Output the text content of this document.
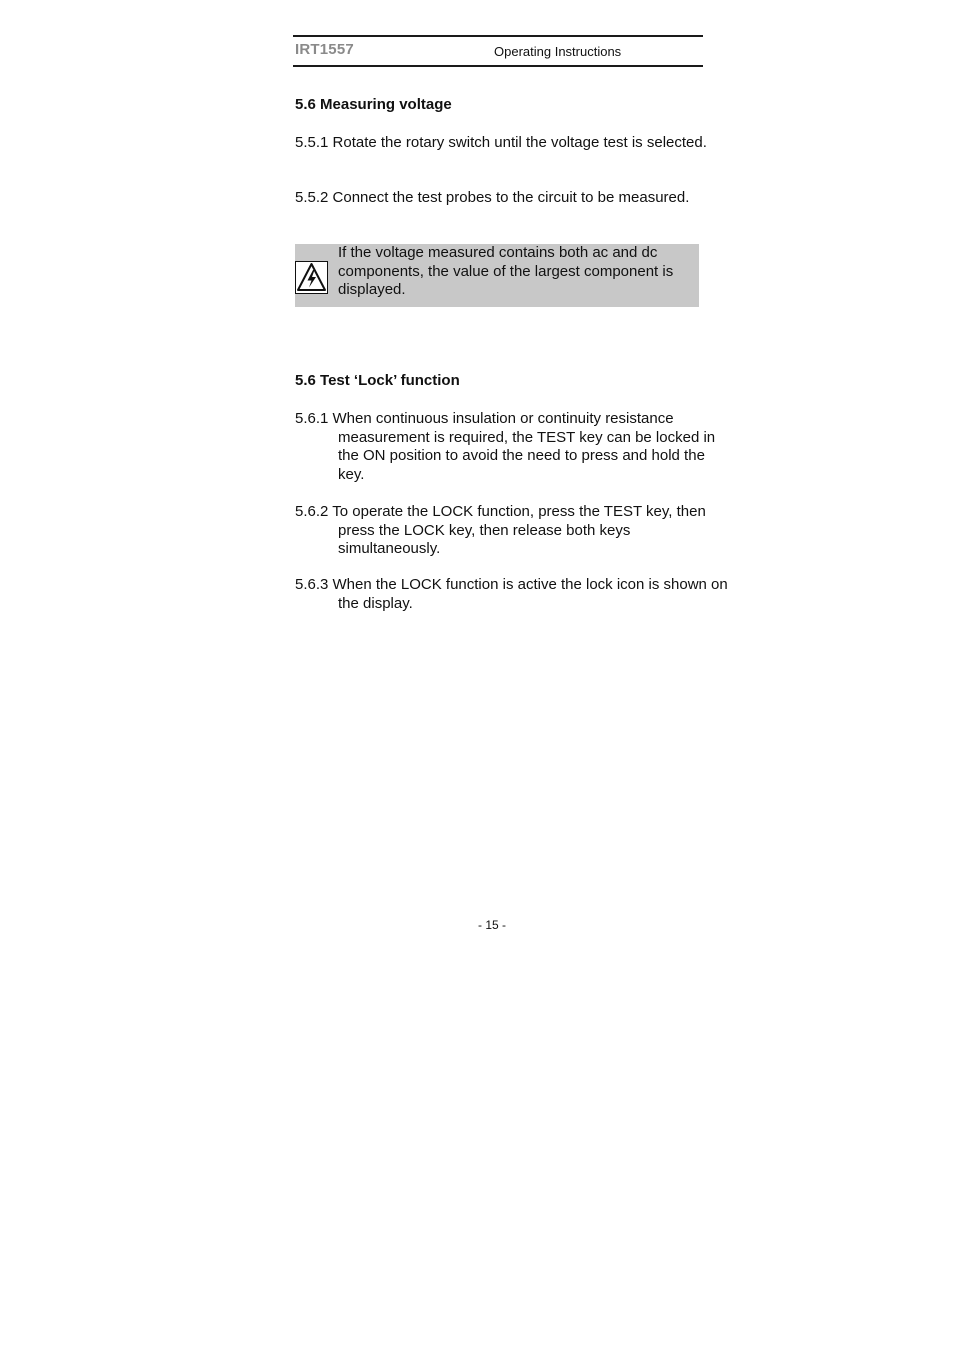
IRT1557	Operating Instructions
5.6 Measuring voltage
5.5.1 Rotate the rotary switch until the voltage test is selected.
5.5.2 Connect the test probes to the circuit to be measured.
If the voltage measured contains both ac and dc components, the value of the largest component is displayed.
5.6 Test ‘Lock’ function
5.6.1 When continuous insulation or continuity resistance measurement is required, the TEST key can be locked in the ON position to avoid the need to press and hold the key.
5.6.2 To operate the LOCK function, press the TEST key, then press the LOCK key, then release both keys simultaneously.
5.6.3 When the LOCK function is active the lock icon is shown on the display.
- 15 -
